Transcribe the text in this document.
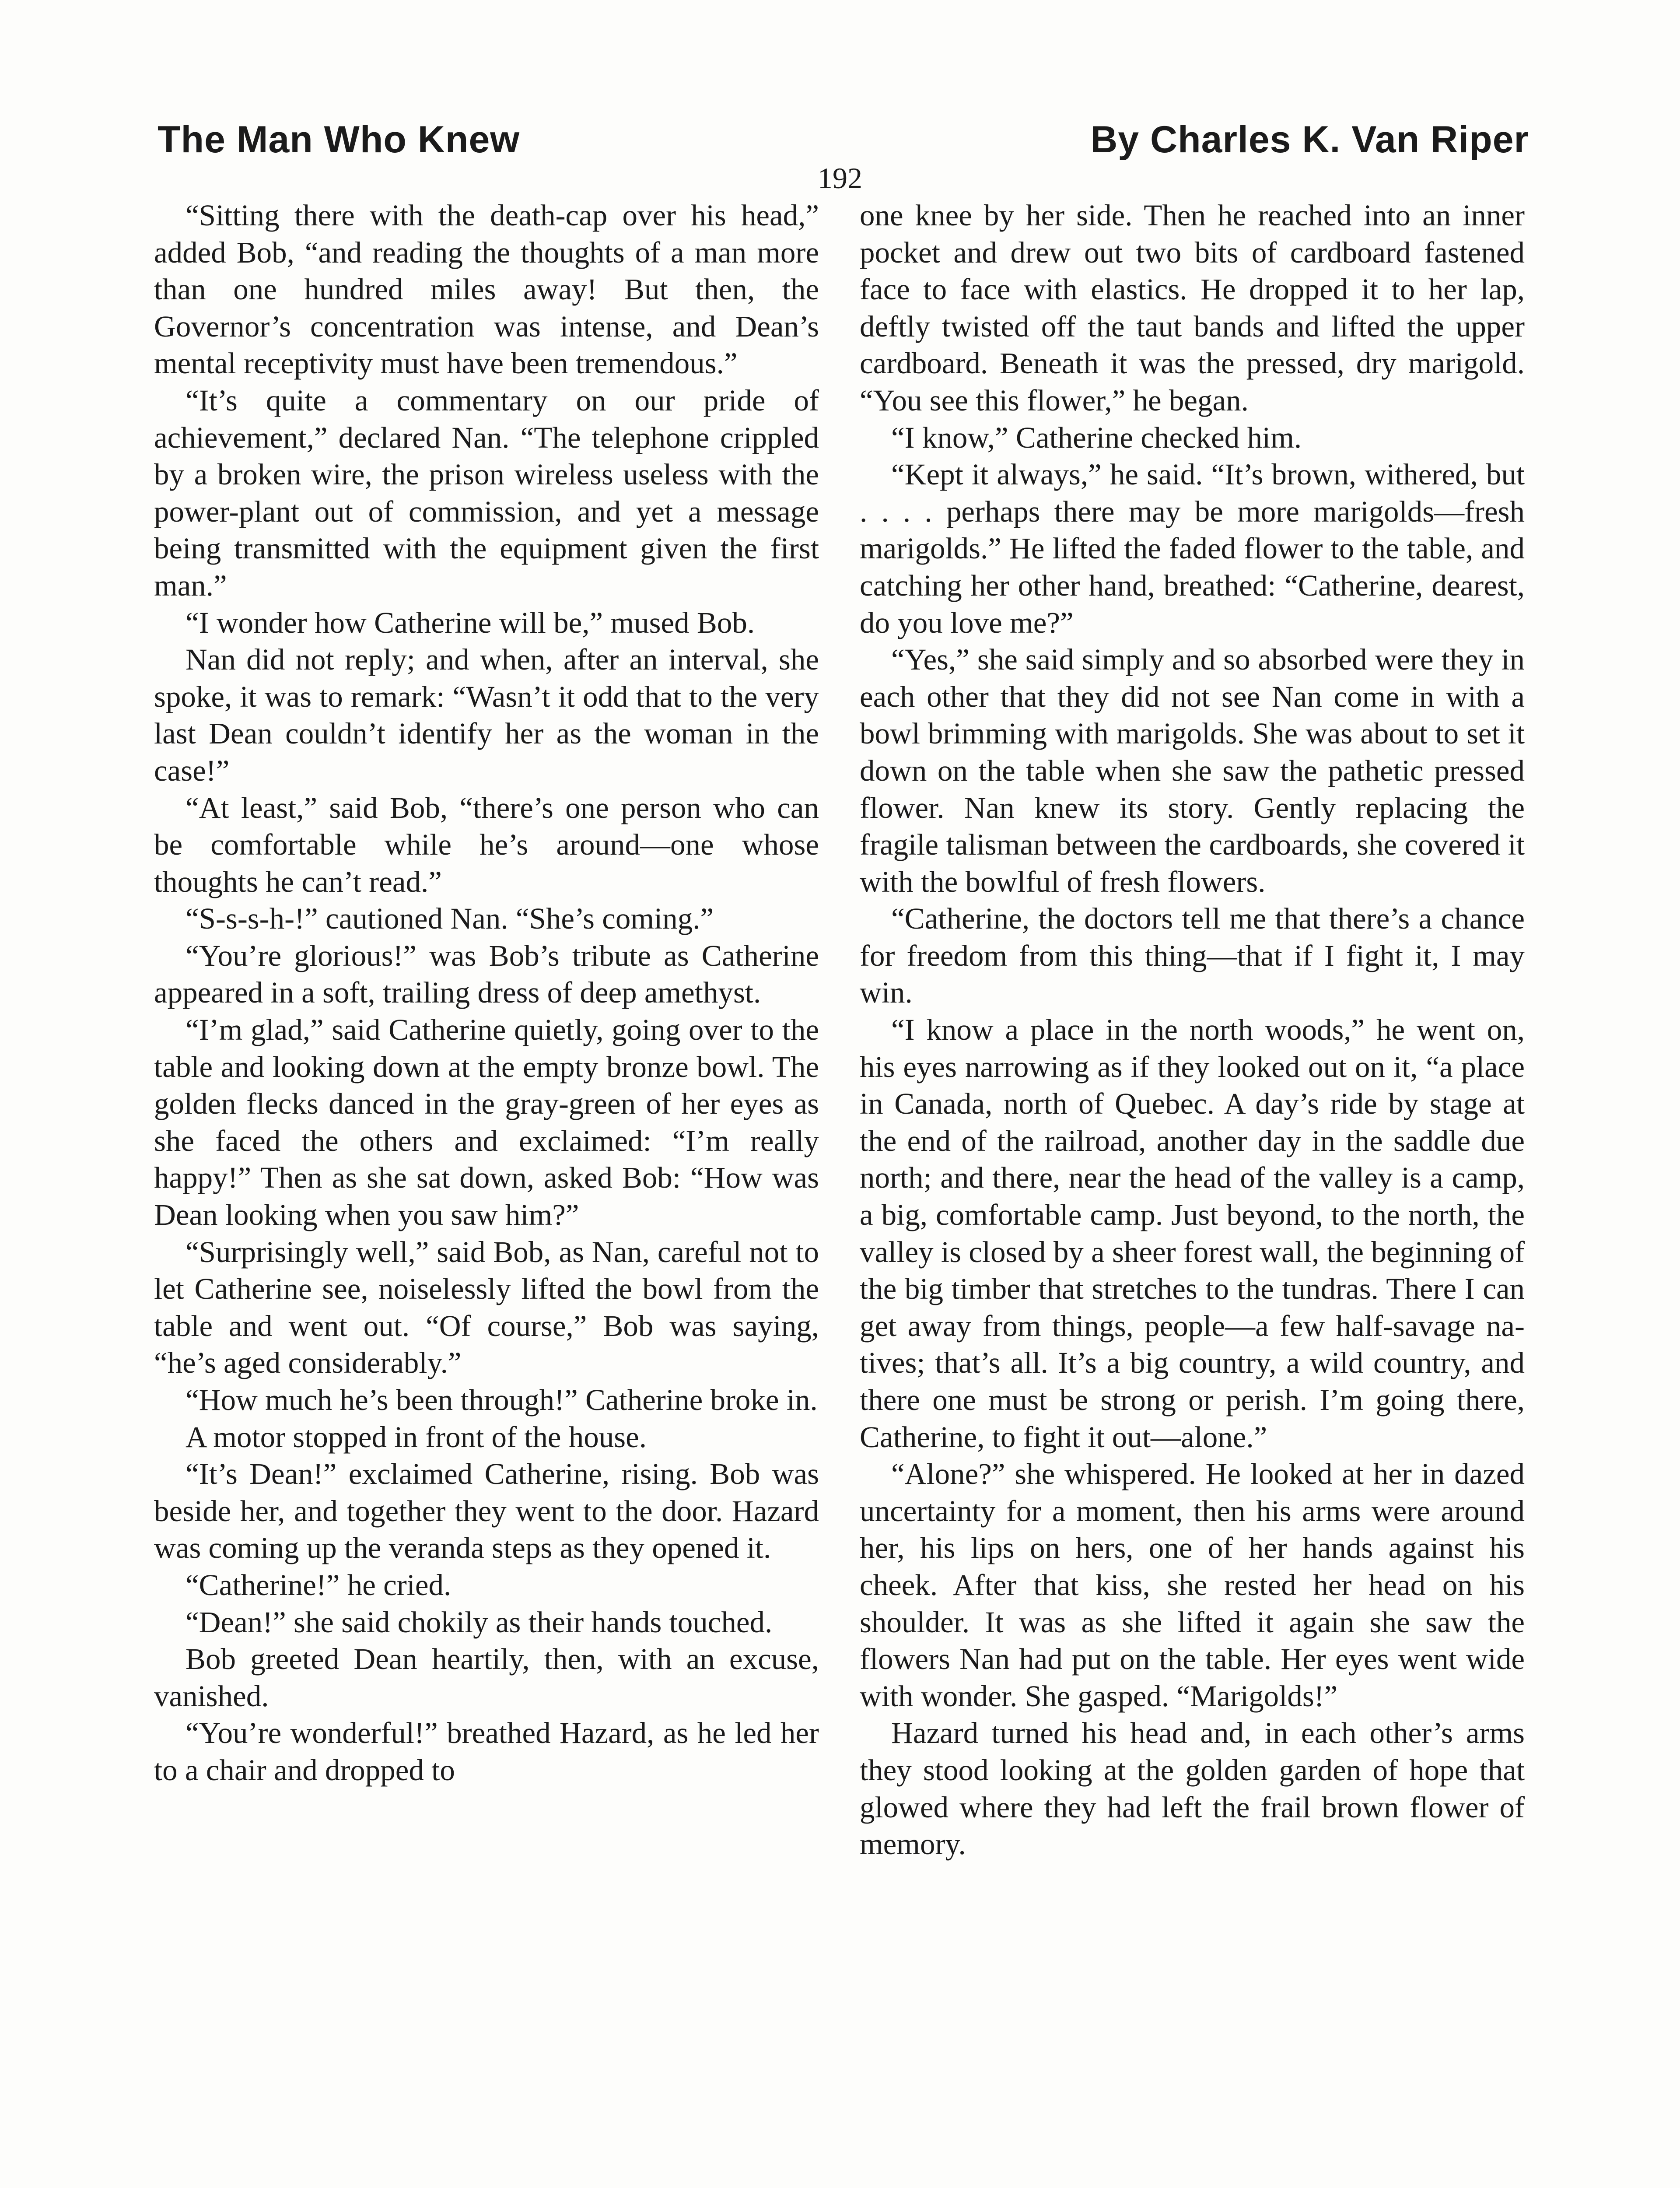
The Man Who Knew	By Charles K. Van Riper
192

“Sitting there with the death-cap over his head,” added Bob, “and reading the thoughts of a man more than one hundred miles away! But then, the Governor’s concentration was intense, and Dean’s mental receptivity must have been tremendous.”

“It’s quite a commentary on our pride of achievement,” declared Nan. “The telephone crippled by a broken wire, the prison wireless useless with the power-plant out of commission, and yet a message being transmitted with the equipment given the first man.”

“I wonder how Catherine will be,” mused Bob.

Nan did not reply; and when, after an interval, she spoke, it was to remark: “Wasn’t it odd that to the very last Dean couldn’t identify her as the woman in the case!”

“At least,” said Bob, “there’s one person who can be comfortable while he’s around—one whose thoughts he can’t read.”

“S-s-s-h-!” cautioned Nan. “She’s coming.”

“You’re glorious!” was Bob’s tribute as Catherine appeared in a soft, trailing dress of deep amethyst.

“I’m glad,” said Catherine quietly, going over to the table and looking down at the empty bronze bowl. The golden flecks danced in the gray-green of her eyes as she faced the others and exclaimed: “I’m really happy!” Then as she sat down, asked Bob: “How was Dean looking when you saw him?”

“Surprisingly well,” said Bob, as Nan, careful not to let Catherine see, noiselessly lifted the bowl from the table and went out. “Of course,” Bob was saying, “he’s aged considerably.”

“How much he’s been through!” Catherine broke in.

A motor stopped in front of the house.

“It’s Dean!” exclaimed Catherine, rising. Bob was beside her, and together they went to the door. Hazard was coming up the veranda steps as they opened it.

“Catherine!” he cried.

“Dean!” she said chokily as their hands touched.

Bob greeted Dean heartily, then, with an excuse, vanished.

“You’re wonderful!” breathed Hazard, as he led her to a chair and dropped to

one knee by her side. Then he reached into an inner pocket and drew out two bits of cardboard fastened face to face with elastics. He dropped it to her lap, deftly twisted off the taut bands and lifted the upper cardboard. Beneath it was the pressed, dry marigold. “You see this flower,” he began.

“I know,” Catherine checked him.

“Kept it always,” he said. “It’s brown, withered, but . . . . perhaps there may be more marigolds—fresh marigolds.” He lifted the faded flower to the table, and catching her other hand, breathed: “Catherine, dearest, do you love me?”

“Yes,” she said simply and so absorbed were they in each other that they did not see Nan come in with a bowl brimming with marigolds. She was about to set it down on the table when she saw the pathetic pressed flower. Nan knew its story. Gently replacing the fragile talisman between the cardboards, she covered it with the bowlful of fresh flowers.

“Catherine, the doctors tell me that there’s a chance for freedom from this thing—that if I fight it, I may win.

“I know a place in the north woods,” he went on, his eyes narrowing as if they looked out on it, “a place in Canada, north of Quebec. A day’s ride by stage at the end of the railroad, another day in the saddle due north; and there, near the head of the valley is a camp, a big, comfortable camp. Just beyond, to the north, the valley is closed by a sheer forest wall, the beginning of the big timber that stretches to the tundras. There I can get away from things, people—a few half-savage natives; that’s all. It’s a big country, a wild country, and there one must be strong or perish. I’m going there, Catherine, to fight it out—alone.”

“Alone?” she whispered. He looked at her in dazed uncertainty for a moment, then his arms were around her, his lips on hers, one of her hands against his cheek. After that kiss, she rested her head on his shoulder. It was as she lifted it again she saw the flowers Nan had put on the table. Her eyes went wide with wonder. She gasped. “Marigolds!”

Hazard turned his head and, in each other’s arms they stood looking at the golden garden of hope that glowed where they had left the frail brown flower of memory.
